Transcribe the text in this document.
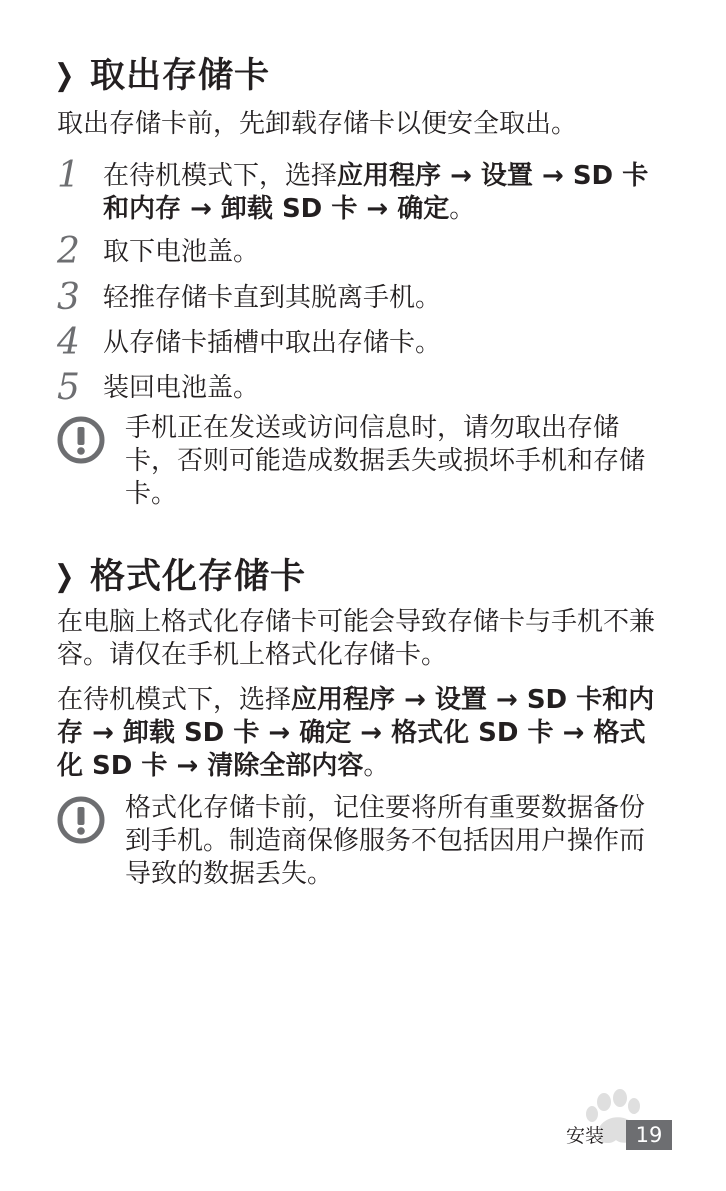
❯ 取出存储卡

取出存储卡前，先卸载存储卡以便安全取出。

1 在待机模式下，选择应用程序 → 设置 → SD 卡和内存 → 卸载 SD 卡 → 确定。
2 取下电池盖。
3 轻推存储卡直到其脱离手机。
4 从存储卡插槽中取出存储卡。
5 装回电池盖。
手机正在发送或访问信息时，请勿取出存储卡，否则可能造成数据丢失或损坏手机和存储卡。
❯ 格式化存储卡

在电脑上格式化存储卡可能会导致存储卡与手机不兼容。请仅在手机上格式化存储卡。

在待机模式下，选择应用程序 → 设置 → SD 卡和内存 → 卸载 SD 卡 → 确定 → 格式化 SD 卡 → 格式化 SD 卡 → 清除全部内容。

格式化存储卡前，记住要将所有重要数据备份到手机。制造商保修服务不包括因用户操作而导致的数据丢失。
安装	19
